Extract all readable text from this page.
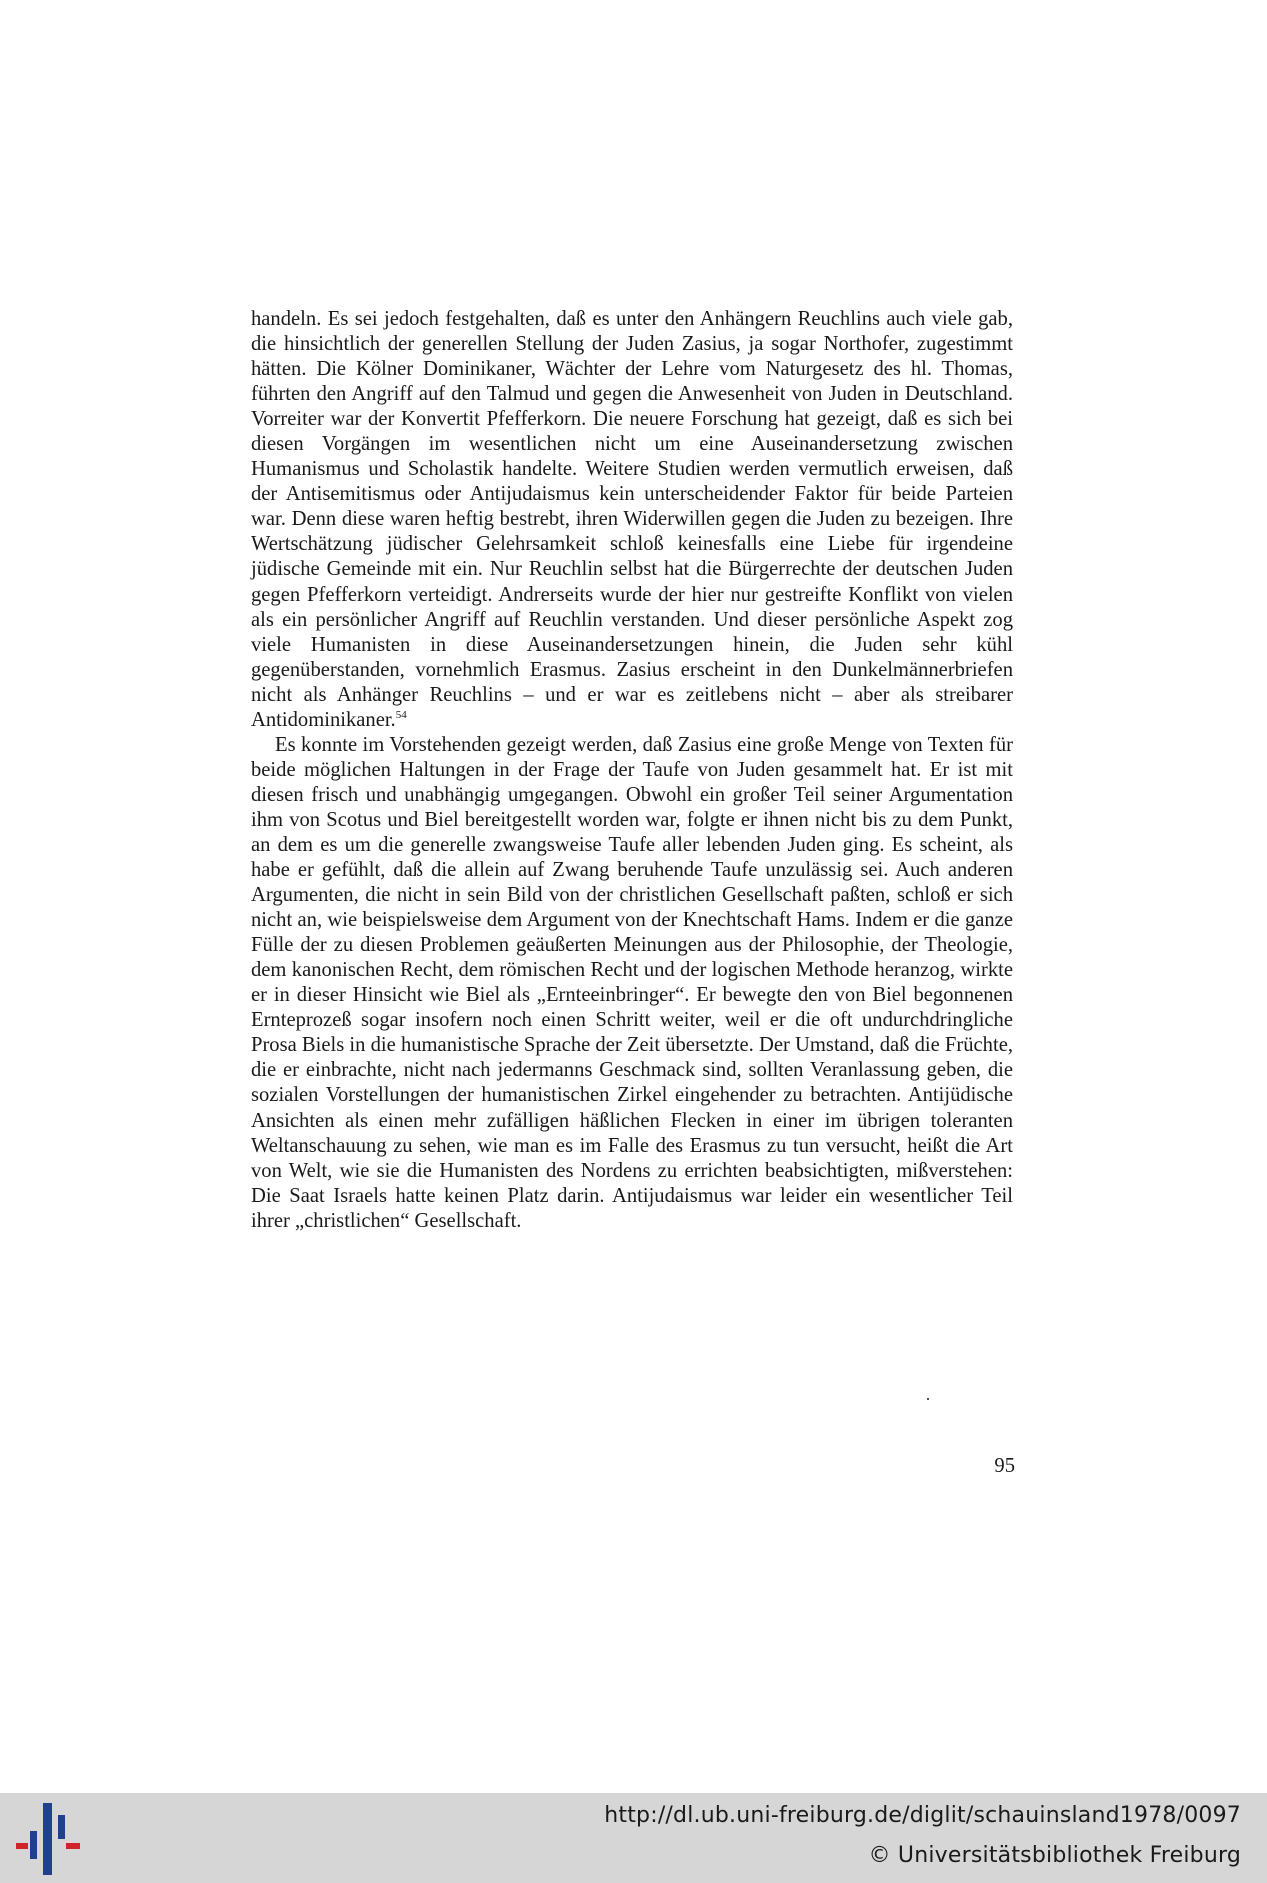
handeln. Es sei jedoch festgehalten, daß es unter den Anhängern Reuchlins auch viele gab, die hinsichtlich der generellen Stellung der Juden Zasius, ja sogar Northofer, zugestimmt hätten. Die Kölner Dominikaner, Wächter der Lehre vom Naturgesetz des hl. Thomas, führten den Angriff auf den Talmud und gegen die Anwesenheit von Juden in Deutschland. Vorreiter war der Konvertit Pfefferkorn. Die neuere Forschung hat gezeigt, daß es sich bei diesen Vorgängen im wesentlichen nicht um eine Auseinandersetzung zwischen Humanismus und Scholastik handelte. Weitere Studien werden vermutlich erweisen, daß der Antisemitismus oder Antijudaismus kein unterscheidender Faktor für beide Parteien war. Denn diese waren heftig bestrebt, ihren Widerwillen gegen die Juden zu bezeigen. Ihre Wertschätzung jüdischer Gelehrsamkeit schloß keinesfalls eine Liebe für irgendeine jüdische Gemeinde mit ein. Nur Reuchlin selbst hat die Bürgerrechte der deutschen Juden gegen Pfefferkorn verteidigt. Andrerseits wurde der hier nur gestreifte Konflikt von vielen als ein persönlicher Angriff auf Reuchlin verstanden. Und dieser persönliche Aspekt zog viele Humanisten in diese Auseinandersetzungen hinein, die Juden sehr kühl gegenüberstanden, vornehmlich Erasmus. Zasius erscheint in den Dunkelmännerbriefen nicht als Anhänger Reuchlins – und er war es zeitlebens nicht – aber als streibarer Antidominikaner.$^{54}$

Es konnte im Vorstehenden gezeigt werden, daß Zasius eine große Menge von Texten für beide möglichen Haltungen in der Frage der Taufe von Juden gesammelt hat. Er ist mit diesen frisch und unabhängig umgegangen. Obwohl ein großer Teil seiner Argumentation ihm von Scotus und Biel bereitgestellt worden war, folgte er ihnen nicht bis zu dem Punkt, an dem es um die generelle zwangsweise Taufe aller lebenden Juden ging. Es scheint, als habe er gefühlt, daß die allein auf Zwang beruhende Taufe unzulässig sei. Auch anderen Argumenten, die nicht in sein Bild von der christlichen Gesellschaft paßten, schloß er sich nicht an, wie beispielsweise dem Argument von der Knechtschaft Hams. Indem er die ganze Fülle der zu diesen Problemen geäußerten Meinungen aus der Philosophie, der Theologie, dem kanonischen Recht, dem römischen Recht und der logischen Methode heranzog, wirkte er in dieser Hinsicht wie Biel als „Ernteeinbringer“. Er bewegte den von Biel begonnenen Ernteprozeß sogar insofern noch einen Schritt weiter, weil er die oft undurchdringliche Prosa Biels in die humanistische Sprache der Zeit übersetzte. Der Umstand, daß die Früchte, die er einbrachte, nicht nach jedermanns Geschmack sind, sollten Veranlassung geben, die sozialen Vorstellungen der humanistischen Zirkel eingehender zu betrachten. Antijüdische Ansichten als einen mehr zufälligen häßlichen Flecken in einer im übrigen toleranten Weltanschauung zu sehen, wie man es im Falle des Erasmus zu tun versucht, heißt die Art von Welt, wie sie die Humanisten des Nordens zu errichten beabsichtigten, mißverstehen: Die Saat Israels hatte keinen Platz darin. Antijudaismus war leider ein wesentlicher Teil ihrer „christlichen“ Gesellschaft.

95
http://dl.ub.uni-freiburg.de/diglit/schauinsland1978/0097
© Universitätsbibliothek Freiburg
